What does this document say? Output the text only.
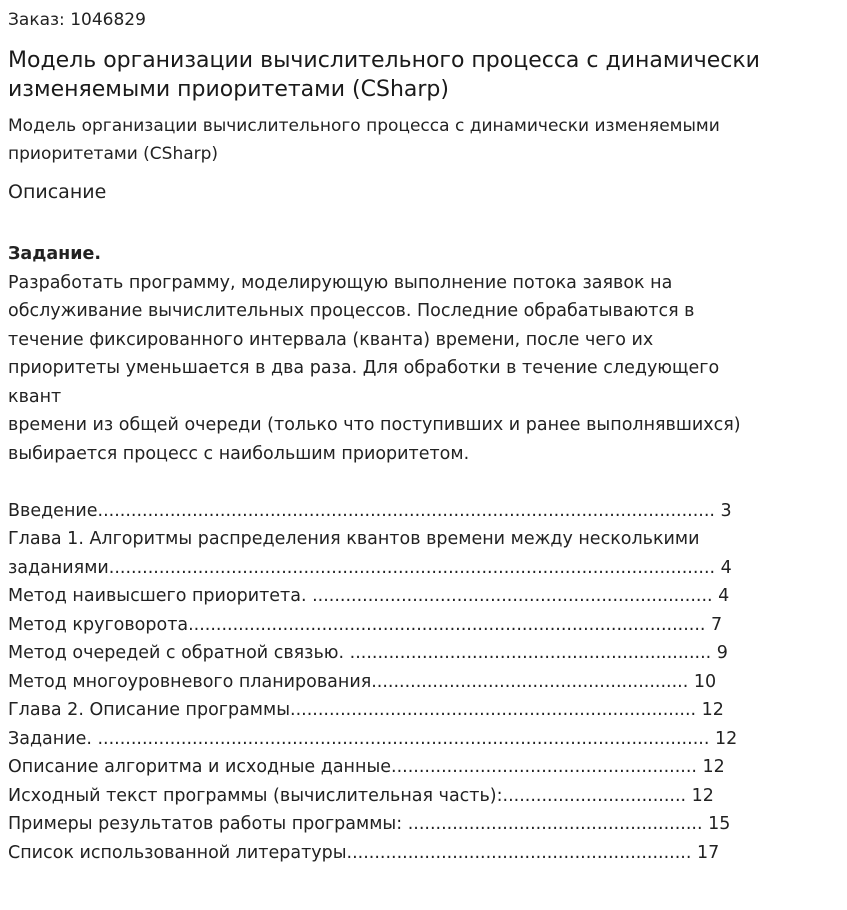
Заказ: 1046829
Модель организации вычислительного процесса с динамически изменяемыми приоритетами (CSharp)
Модель организации вычислительного процесса с динамически изменяемыми приоритетами (CSharp)
Описание
Задание.
Разработать программу, моделирующую выполнение потока заявок на
обслуживание вычислительных процессов. Последние обрабатываются в
течение фиксированного интервала (кванта) времени, после чего их
приоритеты уменьшается в два раза. Для обработки в течение следующего
квант
времени из общей очереди (только что поступивших и ранее выполнявшихся)
выбирается процесс с наибольшим приоритетом.
Введение............................................................................................................... 3
Глава 1. Алгоритмы распределения квантов времени между несколькими
заданиями............................................................................................................. 4
Метод наивысшего приоритета. ........................................................................ 4
Метод круговорота............................................................................................. 7
Метод очередей с обратной связью. ................................................................. 9
Метод многоуровневого планирования......................................................... 10
Глава 2. Описание программы......................................................................... 12
Задание. .............................................................................................................. 12
Описание алгоритма и исходные данные....................................................... 12
Исходный текст программы (вычислительная часть):................................. 12
Примеры результатов работы программы: ..................................................... 15
Список использованной литературы.............................................................. 17
